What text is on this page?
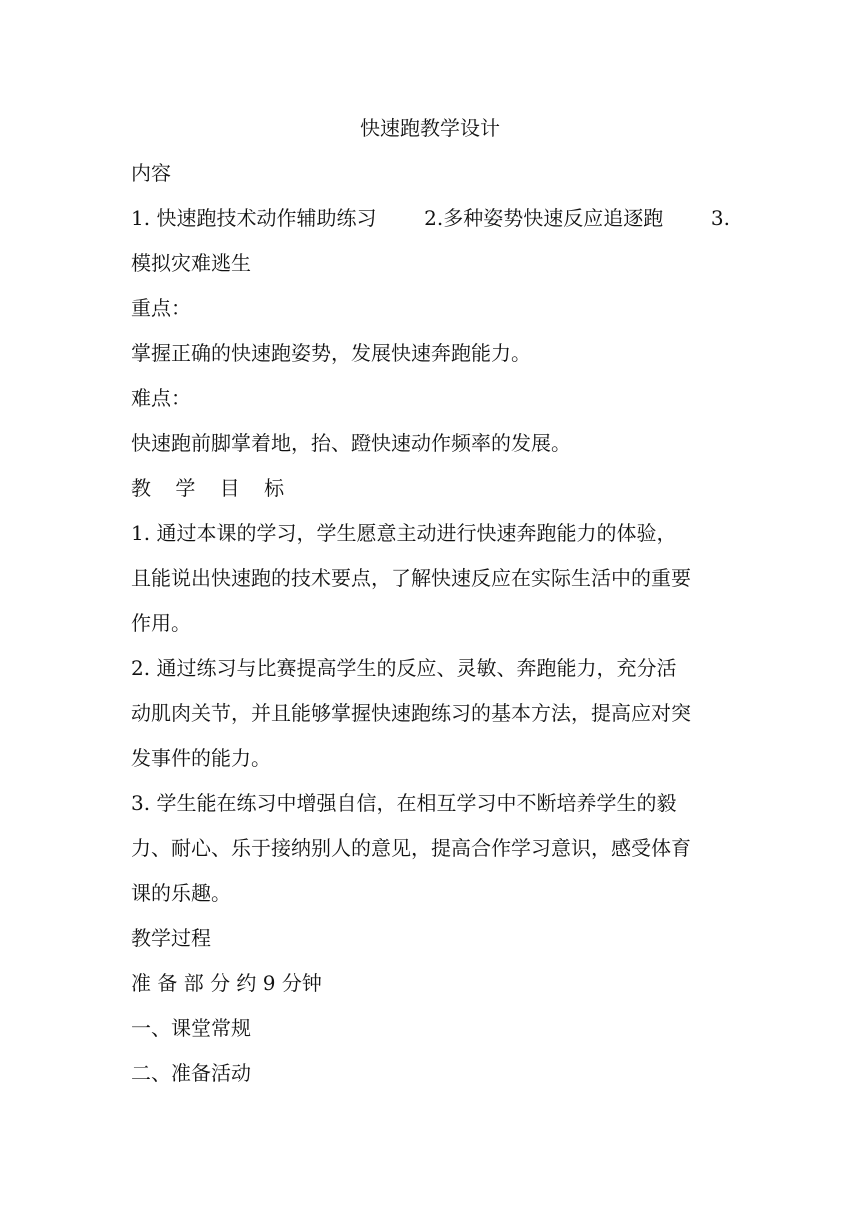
快速跑教学设计
内容
1. 快速跑技术动作辅助练习 2.多种姿势快速反应追逐跑 3.
模拟灾难逃生
重点：
掌握正确的快速跑姿势，发展快速奔跑能力。
难点：
快速跑前脚掌着地，抬、蹬快速动作频率的发展。
教 学 目 标
1. 通过本课的学习，学生愿意主动进行快速奔跑能力的体验，
且能说出快速跑的技术要点，了解快速反应在实际生活中的重要
作用。
2. 通过练习与比赛提高学生的反应、灵敏、奔跑能力，充分活
动肌肉关节，并且能够掌握快速跑练习的基本方法，提高应对突
发事件的能力。
3. 学生能在练习中增强自信，在相互学习中不断培养学生的毅
力、耐心、乐于接纳别人的意见，提高合作学习意识，感受体育
课的乐趣。
教学过程
准 备 部 分 约 9 分钟
一、课堂常规
二、准备活动
